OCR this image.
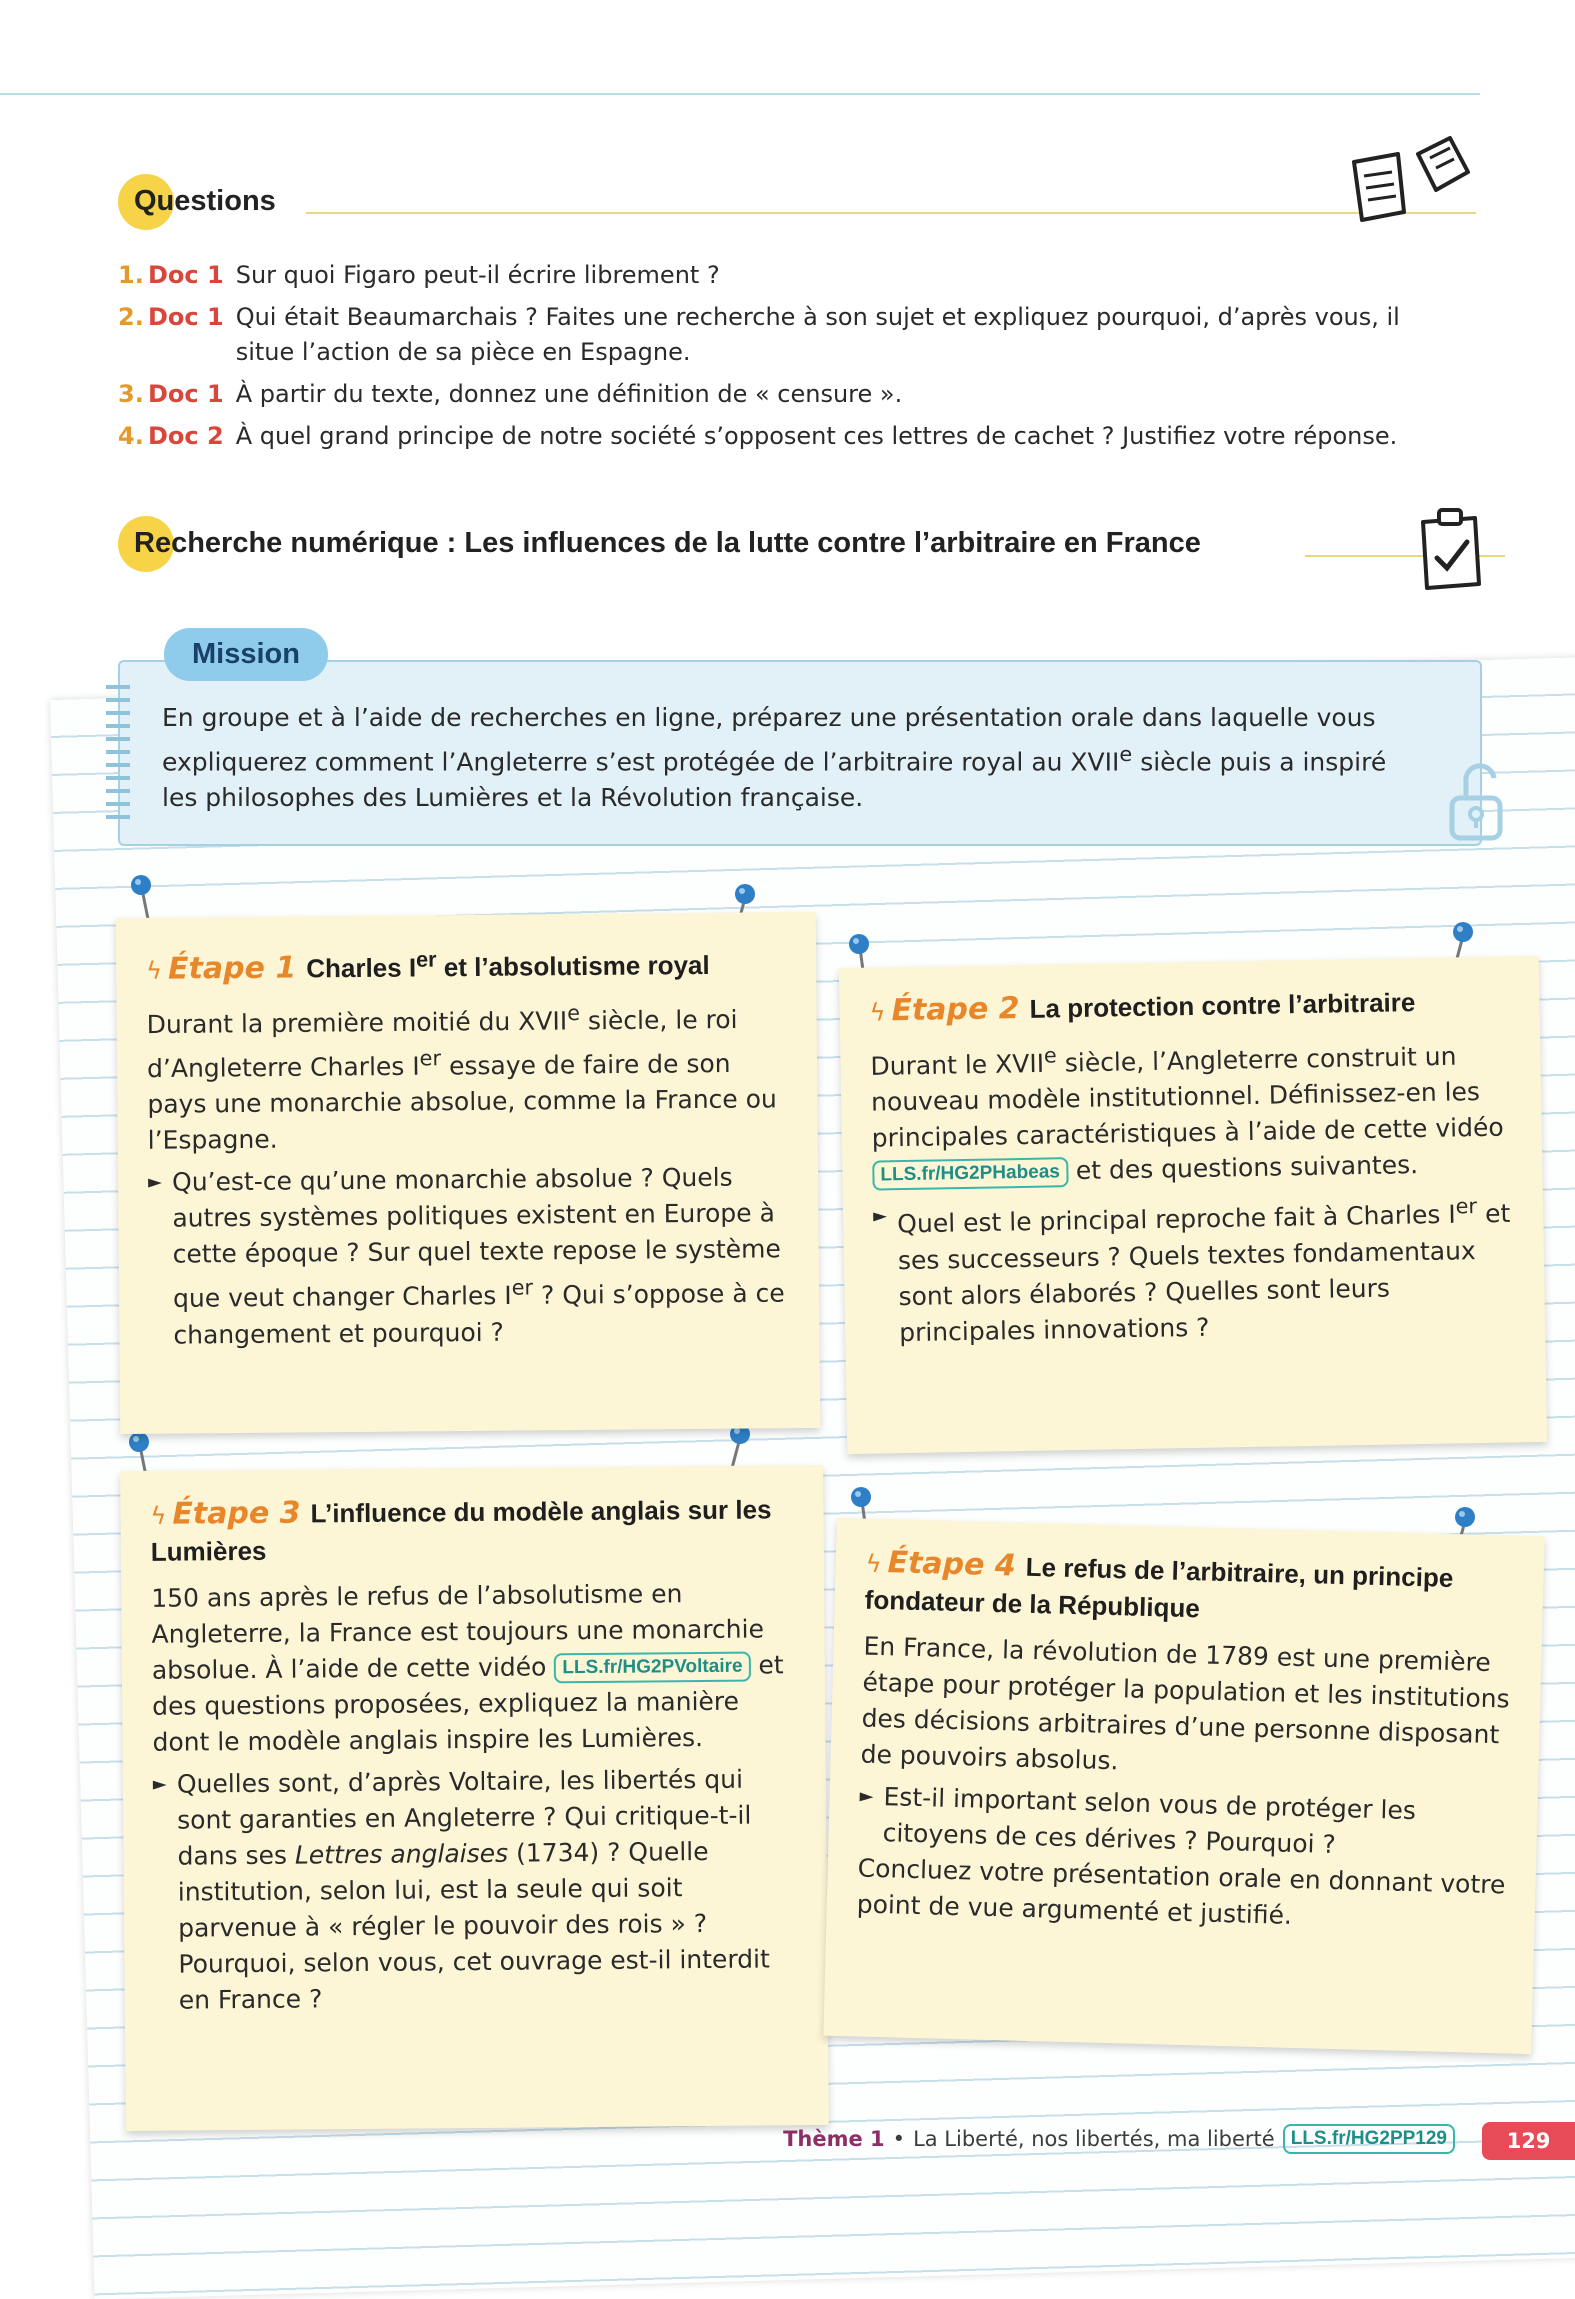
Questions
1. Doc 1 Sur quoi Figaro peut-il écrire librement ?
2. Doc 1 Qui était Beaumarchais ? Faites une recherche à son sujet et expliquez pourquoi, d’après vous, il situe l’action de sa pièce en Espagne.
3. Doc 1 À partir du texte, donnez une définition de « censure ».
4. Doc 2 À quel grand principe de notre société s’opposent ces lettres de cachet ? Justifiez votre réponse.
Recherche numérique : Les influences de la lutte contre l’arbitraire en France
Mission
En groupe et à l’aide de recherches en ligne, préparez une présentation orale dans laquelle vous expliquerez comment l’Angleterre s’est protégée de l’arbitraire royal au XVIIe siècle puis a inspiré les philosophes des Lumières et la Révolution française.
ϟ Étape 1 Charles Ier et l’absolutisme royal

Durant la première moitié du XVIIe siècle, le roi d’Angleterre Charles Ier essaye de faire de son pays une monarchie absolue, comme la France ou l’Espagne.

► Qu’est-ce qu’une monarchie absolue ? Quels autres systèmes politiques existent en Europe à cette époque ? Sur quel texte repose le système que veut changer Charles Ier ? Qui s’oppose à ce changement et pourquoi ?
ϟ Étape 2 La protection contre l’arbitraire

Durant le XVIIe siècle, l’Angleterre construit un nouveau modèle institutionnel. Définissez-en les principales caractéristiques à l’aide de cette vidéo LLS.fr/HG2PHabeas et des questions suivantes.

► Quel est le principal reproche fait à Charles Ier et ses successeurs ? Quels textes fondamentaux sont alors élaborés ? Quelles sont leurs principales innovations ?
ϟ Étape 3 L’influence du modèle anglais sur les Lumières

150 ans après le refus de l’absolutisme en Angleterre, la France est toujours une monarchie absolue. À l’aide de cette vidéo LLS.fr/HG2PVoltaire et des questions proposées, expliquez la manière dont le modèle anglais inspire les Lumières.

► Quelles sont, d’après Voltaire, les libertés qui sont garanties en Angleterre ? Qui critique-t-il dans ses Lettres anglaises (1734) ? Quelle institution, selon lui, est la seule qui soit parvenue à « régler le pouvoir des rois » ? Pourquoi, selon vous, cet ouvrage est-il interdit en France ?
ϟ Étape 4 Le refus de l’arbitraire, un principe fondateur de la République

En France, la révolution de 1789 est une première étape pour protéger la population et les institutions des décisions arbitraires d’une personne disposant de pouvoirs absolus.

► Est-il important selon vous de protéger les citoyens de ces dérives ? Pourquoi ?

Concluez votre présentation orale en donnant votre point de vue argumenté et justifié.

Thème 1 • La Liberté, nos libertés, ma liberté LLS.fr/HG2PP129	129
